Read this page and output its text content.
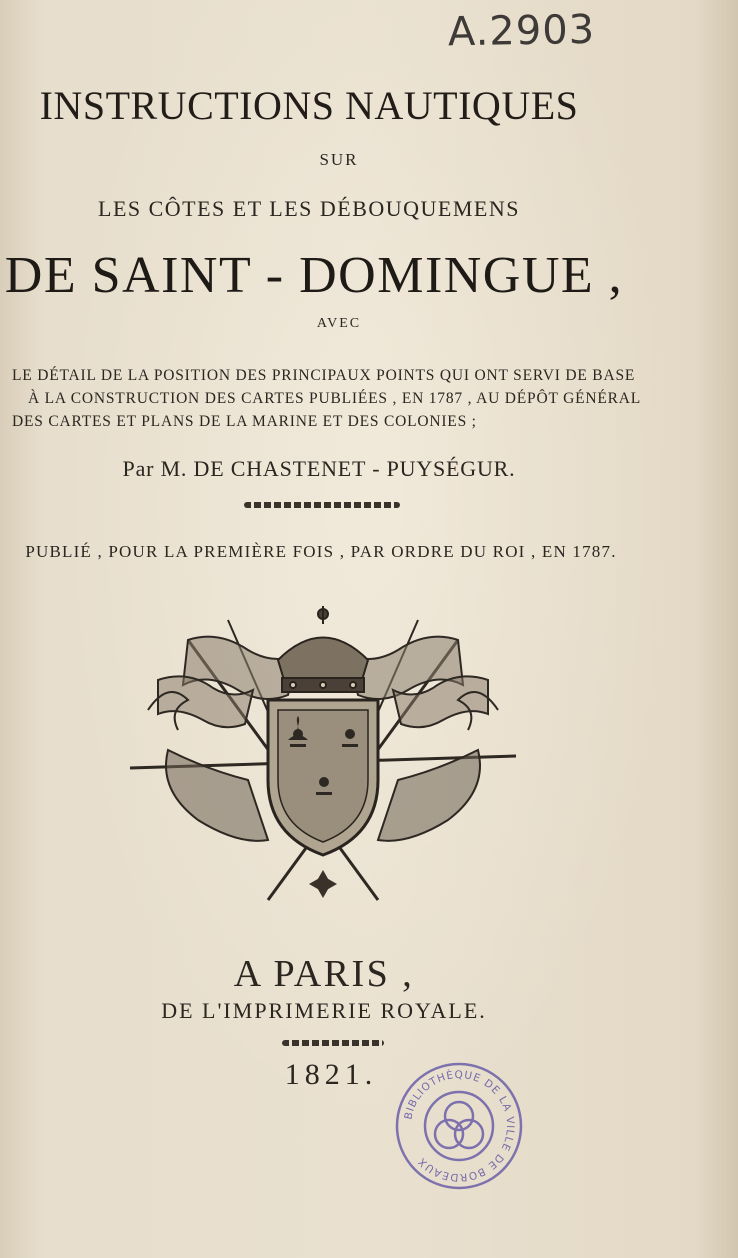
A.2903
INSTRUCTIONS NAUTIQUES
SUR
LES CÔTES ET LES DÉBOUQUEMENS
DE SAINT - DOMINGUE ,
AVEC
LE DÉTAIL DE LA POSITION DES PRINCIPAUX POINTS QUI ONT SERVI DE BASE
À LA CONSTRUCTION DES CARTES PUBLIÉES , EN 1787 , AU DÉPÔT GÉNÉRAL
DES CARTES ET PLANS DE LA MARINE ET DES COLONIES ;
Par M. DE CHASTENET - PUYSÉGUR.
PUBLIÉ , POUR LA PREMIÈRE FOIS , PAR ORDRE DU ROI , EN 1787.
A PARIS ,
DE L'IMPRIMERIE ROYALE.
1821.
BIBLIOTHÈQUE DE LA VILLE DE BORDEAUX
